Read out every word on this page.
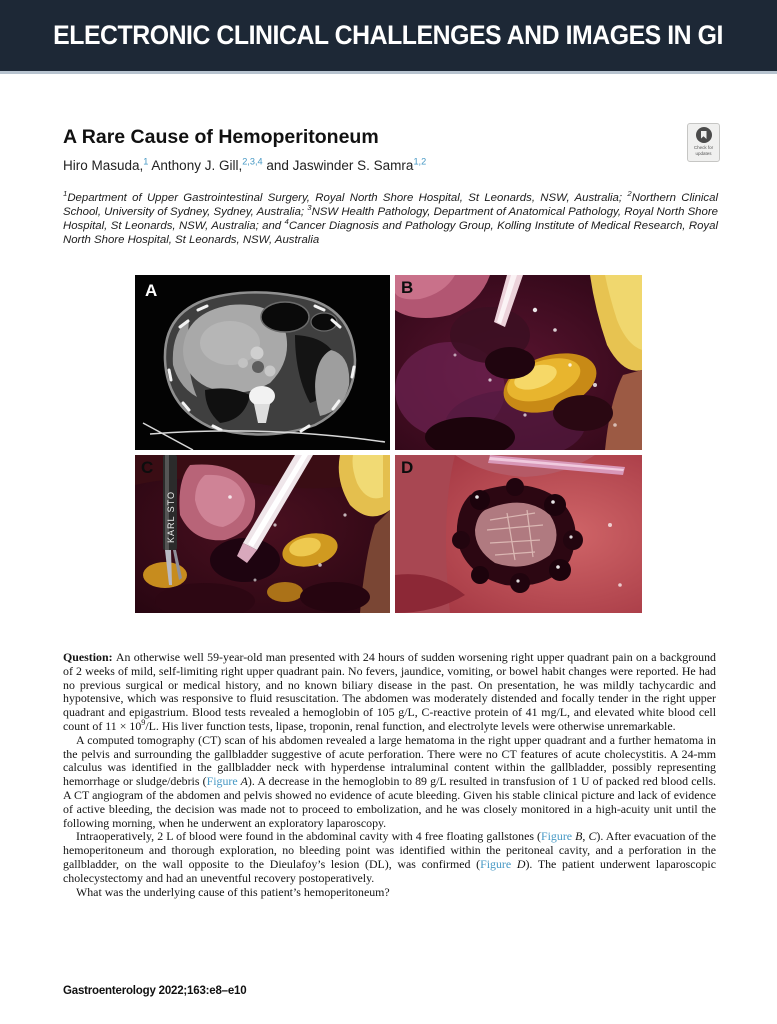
ELECTRONIC CLINICAL CHALLENGES AND IMAGES IN GI
A Rare Cause of Hemoperitoneum	Check for
updates
Hiro Masuda,$^1$ Anthony J. Gill,$^{2,3,4}$ and Jaswinder S. Samra$^{1,2}$
$^1$Department of Upper Gastrointestinal Surgery, Royal North Shore Hospital, St Leonards, NSW, Australia; $^2$Northern Clinical School, University of Sydney, Sydney, Australia; $^3$NSW Health Pathology, Department of Anatomical Pathology, Royal North Shore Hospital, St Leonards, NSW, Australia; and $^4$Cancer Diagnosis and Pathology Group, Kolling Institute of Medical Research, Royal North Shore Hospital, St Leonards, NSW, Australia
A	B
KARL STO
C	D

Question: An otherwise well 59-year-old man presented with 24 hours of sudden worsening right upper quadrant pain on a background of 2 weeks of mild, self-limiting right upper quadrant pain. No fevers, jaundice, vomiting, or bowel habit changes were reported. He had no previous surgical or medical history, and no known biliary disease in the past. On presentation, he was mildly tachycardic and hypotensive, which was responsive to fluid resuscitation. The abdomen was moderately distended and focally tender in the right upper quadrant and epigastrium. Blood tests revealed a hemoglobin of 105 g/L, C-reactive protein of 41 mg/L, and elevated white blood cell count of $11 \times 10^9/L$. His liver function tests, lipase, troponin, renal function, and electrolyte levels were otherwise unremarkable.

A computed tomography (CT) scan of his abdomen revealed a large hematoma in the right upper quadrant and a further hematoma in the pelvis and surrounding the gallbladder suggestive of acute perforation. There were no CT features of acute cholecystitis. A 24-mm calculus was identified in the gallbladder neck with hyperdense intraluminal content within the gallbladder, possibly representing hemorrhage or sludge/debris (Figure A). A decrease in the hemoglobin to 89 g/L resulted in transfusion of 1 U of packed red blood cells. A CT angiogram of the abdomen and pelvis showed no evidence of acute bleeding. Given his stable clinical picture and lack of evidence of active bleeding, the decision was made not to proceed to embolization, and he was closely monitored in a high-acuity unit until the following morning, when he underwent an exploratory laparoscopy.

Intraoperatively, 2 L of blood were found in the abdominal cavity with 4 free floating gallstones (Figure B, C). After evacuation of the hemoperitoneum and thorough exploration, no bleeding point was identified within the peritoneal cavity, and a perforation in the gallbladder, on the wall opposite to the Dieulafoy’s lesion (DL), was confirmed (Figure D). The patient underwent laparoscopic cholecystectomy and had an uneventful recovery postoperatively.

What was the underlying cause of this patient’s hemoperitoneum?

Gastroenterology 2022;163:e8–e10
